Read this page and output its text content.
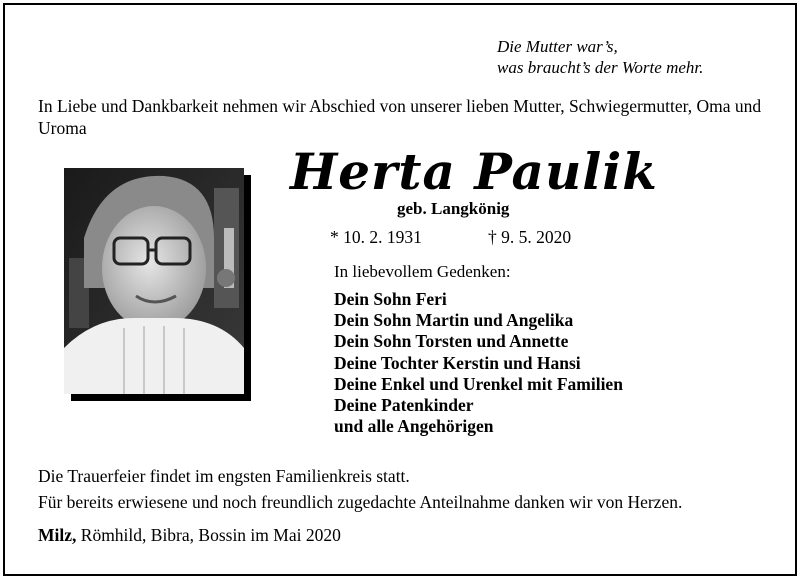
Die Mutter war’s,
was braucht’s der Worte mehr.
In Liebe und Dankbarkeit nehmen wir Abschied von unserer lieben Mutter, Schwiegermutter, Oma und Uroma
Herta Paulik
geb. Langkönig
* 10. 2. 1931	† 9. 5. 2020
In liebevollem Gedenken:
Dein Sohn Feri
Dein Sohn Martin und Angelika
Dein Sohn Torsten und Annette
Deine Tochter Kerstin und Hansi
Deine Enkel und Urenkel mit Familien
Deine Patenkinder
und alle Angehörigen
Die Trauerfeier findet im engsten Familienkreis statt.
Für bereits erwiesene und noch freundlich zugedachte Anteilnahme danken wir von Herzen.
Milz, Römhild, Bibra, Bossin im Mai 2020
